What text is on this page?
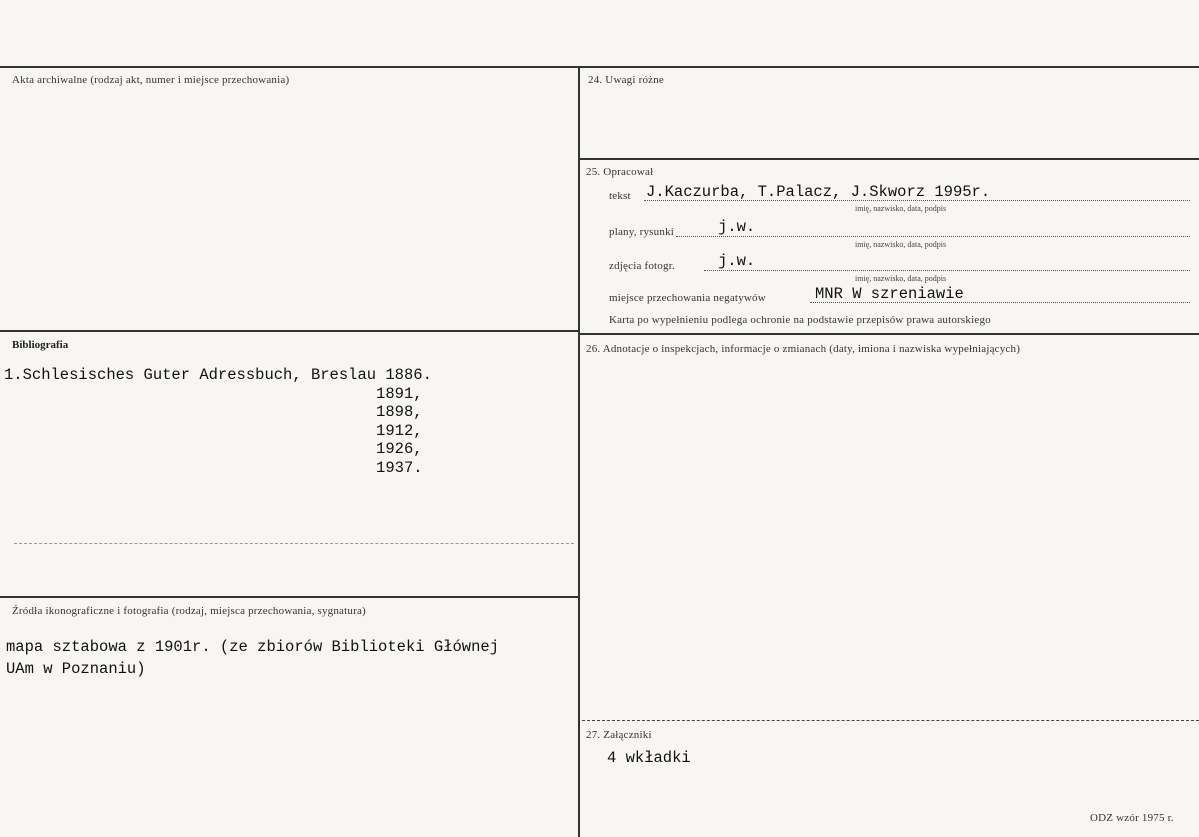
Akta archiwalne (rodzaj akt, numer i miejsce przechowania)
Bibliografia
1.Schlesisches Guter Adressbuch, Breslau 1886.
1891,
1898,
1912,
1926,
1937.
Źródła ikonograficzne i fotografia (rodzaj, miejsca przechowania, sygnatura)
mapa sztabowa z 1901r. (ze zbiorów Biblioteki Głównej
UAm w Poznaniu)
24. Uwagi różne
25. Opracował
tekst J.Kaczurba, T.Palacz, J.Skworz 1995r.
imię, nazwisko, data, podpis
plany, rysunki	j.w.
imię, nazwisko, data, podpis
zdjęcia fotogr.	j.w.
imię, nazwisko, data, podpis
miejsce przechowania negatywów	MNR W szreniawie
Karta po wypełnieniu podlega ochronie na podstawie przepisów prawa autorskiego
26. Adnotacje o inspekcjach, informacje o zmianach (daty, imiona i nazwiska wypełniających)
27. Załączniki
4 wkładki
ODZ wzór 1975 r.
